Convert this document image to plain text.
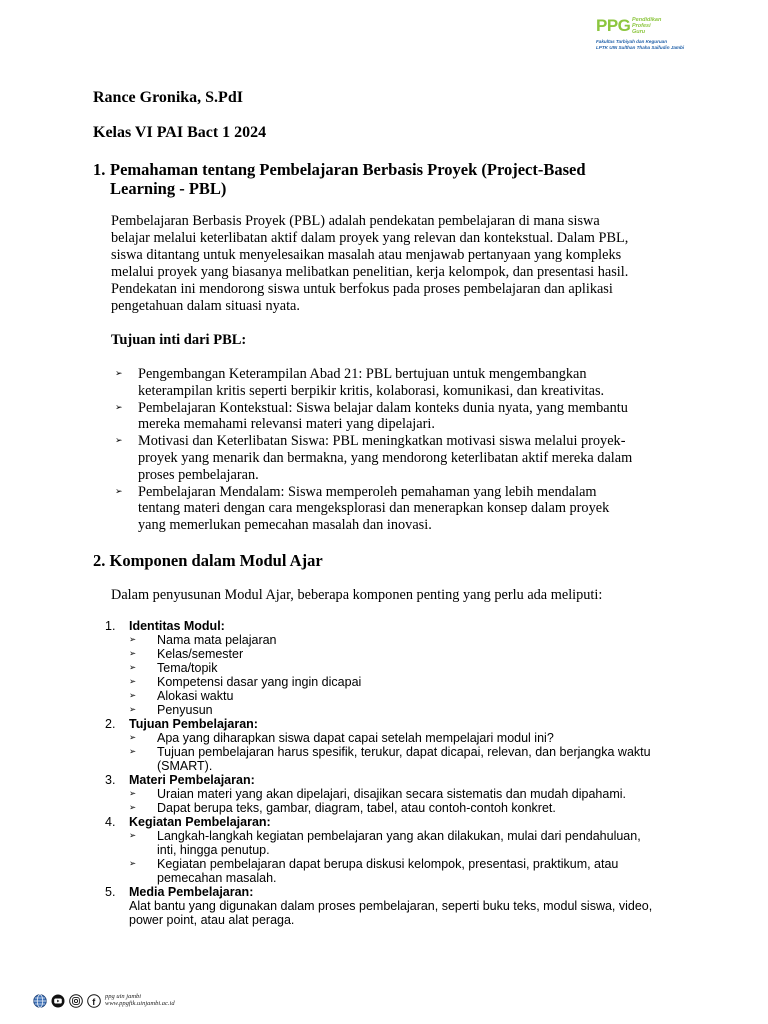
PPG Pendidikan
Profesi
Guru
Fakultas Tarbiyah dan Keguruan
LPTK UIN Sulthan Thaha Saifudin Jambi
Rance Gronika, S.PdI
Kelas VI PAI Bact 1 2024
1. Pemahaman tentang Pembelajaran Berbasis Proyek (Project-Based
Learning - PBL)
Pembelajaran Berbasis Proyek (PBL) adalah pendekatan pembelajaran di mana siswa
belajar melalui keterlibatan aktif dalam proyek yang relevan dan kontekstual. Dalam PBL,
siswa ditantang untuk menyelesaikan masalah atau menjawab pertanyaan yang kompleks
melalui proyek yang biasanya melibatkan penelitian, kerja kelompok, dan presentasi hasil.
Pendekatan ini mendorong siswa untuk berfokus pada proses pembelajaran dan aplikasi
pengetahuan dalam situasi nyata.
Tujuan inti dari PBL:
➢ Pengembangan Keterampilan Abad 21: PBL bertujuan untuk mengembangkan
keterampilan kritis seperti berpikir kritis, kolaborasi, komunikasi, dan kreativitas.
➢ Pembelajaran Kontekstual: Siswa belajar dalam konteks dunia nyata, yang membantu
mereka memahami relevansi materi yang dipelajari.
➢ Motivasi dan Keterlibatan Siswa: PBL meningkatkan motivasi siswa melalui proyek-
proyek yang menarik dan bermakna, yang mendorong keterlibatan aktif mereka dalam
proses pembelajaran.
➢ Pembelajaran Mendalam: Siswa memperoleh pemahaman yang lebih mendalam
tentang materi dengan cara mengeksplorasi dan menerapkan konsep dalam proyek
yang memerlukan pemecahan masalah dan inovasi.
2. Komponen dalam Modul Ajar
Dalam penyusunan Modul Ajar, beberapa komponen penting yang perlu ada meliputi:
1. Identitas Modul:
➢ Nama mata pelajaran
➢ Kelas/semester
➢ Tema/topik
➢ Kompetensi dasar yang ingin dicapai
➢ Alokasi waktu
➢ Penyusun
2. Tujuan Pembelajaran:
➢ Apa yang diharapkan siswa dapat capai setelah mempelajari modul ini?
➢ Tujuan pembelajaran harus spesifik, terukur, dapat dicapai, relevan, dan berjangka waktu
(SMART).
3. Materi Pembelajaran:
➢ Uraian materi yang akan dipelajari, disajikan secara sistematis dan mudah dipahami.
➢ Dapat berupa teks, gambar, diagram, tabel, atau contoh-contoh konkret.
4. Kegiatan Pembelajaran:
➢ Langkah-langkah kegiatan pembelajaran yang akan dilakukan, mulai dari pendahuluan,
inti, hingga penutup.
➢ Kegiatan pembelajaran dapat berupa diskusi kelompok, presentasi, praktikum, atau
pemecahan masalah.
5. Media Pembelajaran:
Alat bantu yang digunakan dalam proses pembelajaran, seperti buku teks, modul siswa, video,
power point, atau alat peraga.
f
ppg uin jambi
www.ppgftk.uinjambi.ac.id
